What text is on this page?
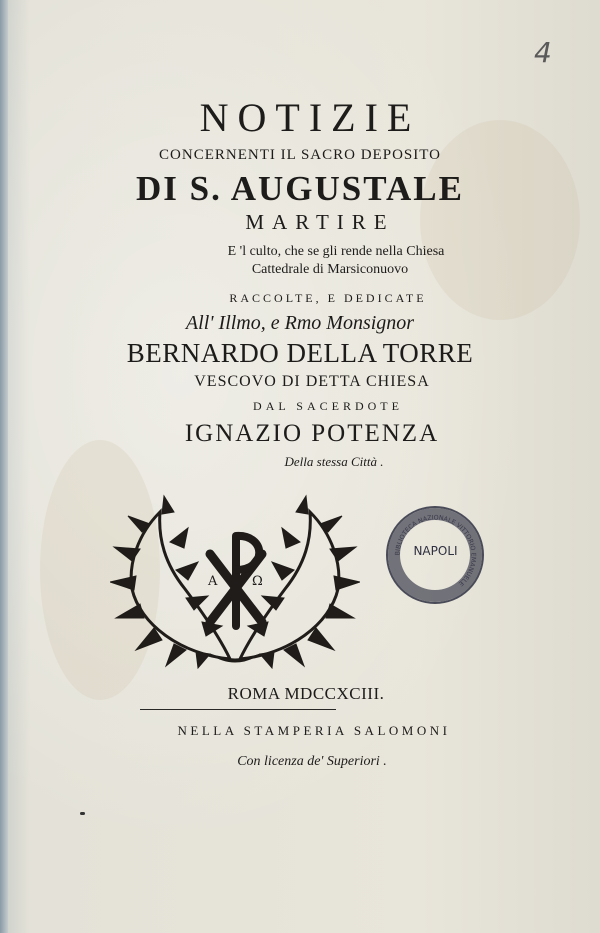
4
NOTIZIE
CONCERNENTI IL SACRO DEPOSITO
DI S. AUGUSTALE
MARTIRE
E 'l culto, che se gli rende nella Chiesa
Cattedrale di Marsiconuovo
RACCOLTE, E DEDICATE
All' Illmo, e Rmo Monsignor
BERNARDO DELLA TORRE
VESCOVO DI DETTA CHIESA
DAL SACERDOTE
IGNAZIO POTENZA
Della stessa Città .
Α	Ω
BIBLIOTECA NAZIONALE VITTORIO EMANUELE
NAPOLI
ROMA MDCCXCIII.
NELLA STAMPERIA SALOMONI
Con licenza de' Superiori .
